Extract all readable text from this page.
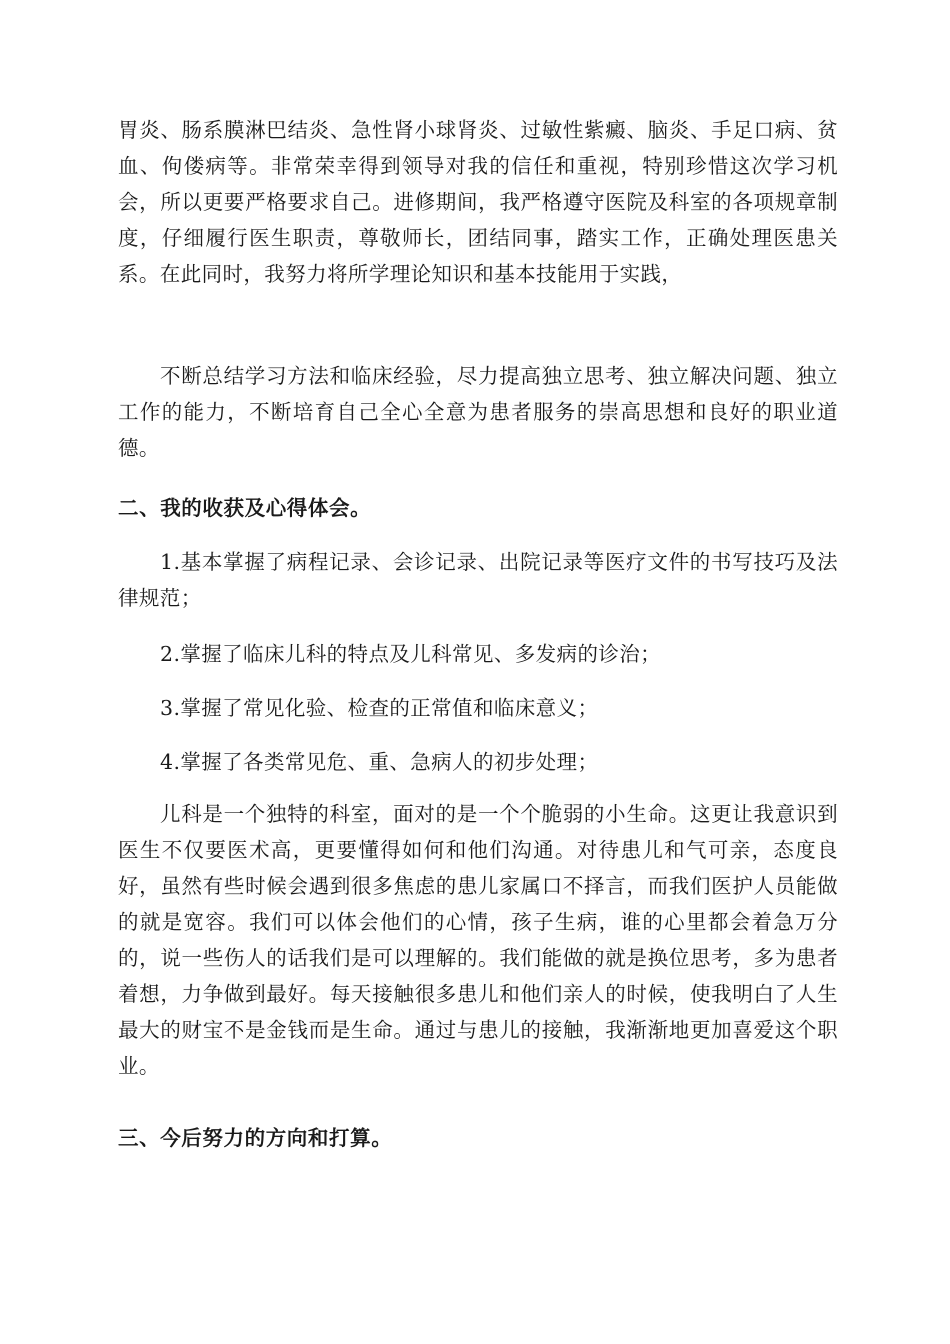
胃炎、肠系膜淋巴结炎、急性肾小球肾炎、过敏性紫癜、脑炎、手足口病、贫血、佝偻病等。非常荣幸得到领导对我的信任和重视，特别珍惜这次学习机会，所以更要严格要求自己。进修期间，我严格遵守医院及科室的各项规章制度，仔细履行医生职责，尊敬师长，团结同事，踏实工作，正确处理医患关系。在此同时，我努力将所学理论知识和基本技能用于实践，

不断总结学习方法和临床经验，尽力提高独立思考、独立解决问题、独立工作的能力，不断培育自己全心全意为患者服务的崇高思想和良好的职业道德。

二、我的收获及心得体会。

1.基本掌握了病程记录、会诊记录、出院记录等医疗文件的书写技巧及法律规范；

2.掌握了临床儿科的特点及儿科常见、多发病的诊治；

3.掌握了常见化验、检查的正常值和临床意义；

4.掌握了各类常见危、重、急病人的初步处理；

儿科是一个独特的科室，面对的是一个个脆弱的小生命。这更让我意识到医生不仅要医术高，更要懂得如何和他们沟通。对待患儿和气可亲，态度良好，虽然有些时候会遇到很多焦虑的患儿家属口不择言，而我们医护人员能做的就是宽容。我们可以体会他们的心情，孩子生病，谁的心里都会着急万分的，说一些伤人的话我们是可以理解的。我们能做的就是换位思考，多为患者着想，力争做到最好。每天接触很多患儿和他们亲人的时候，使我明白了人生最大的财宝不是金钱而是生命。通过与患儿的接触，我渐渐地更加喜爱这个职业。

三、今后努力的方向和打算。
